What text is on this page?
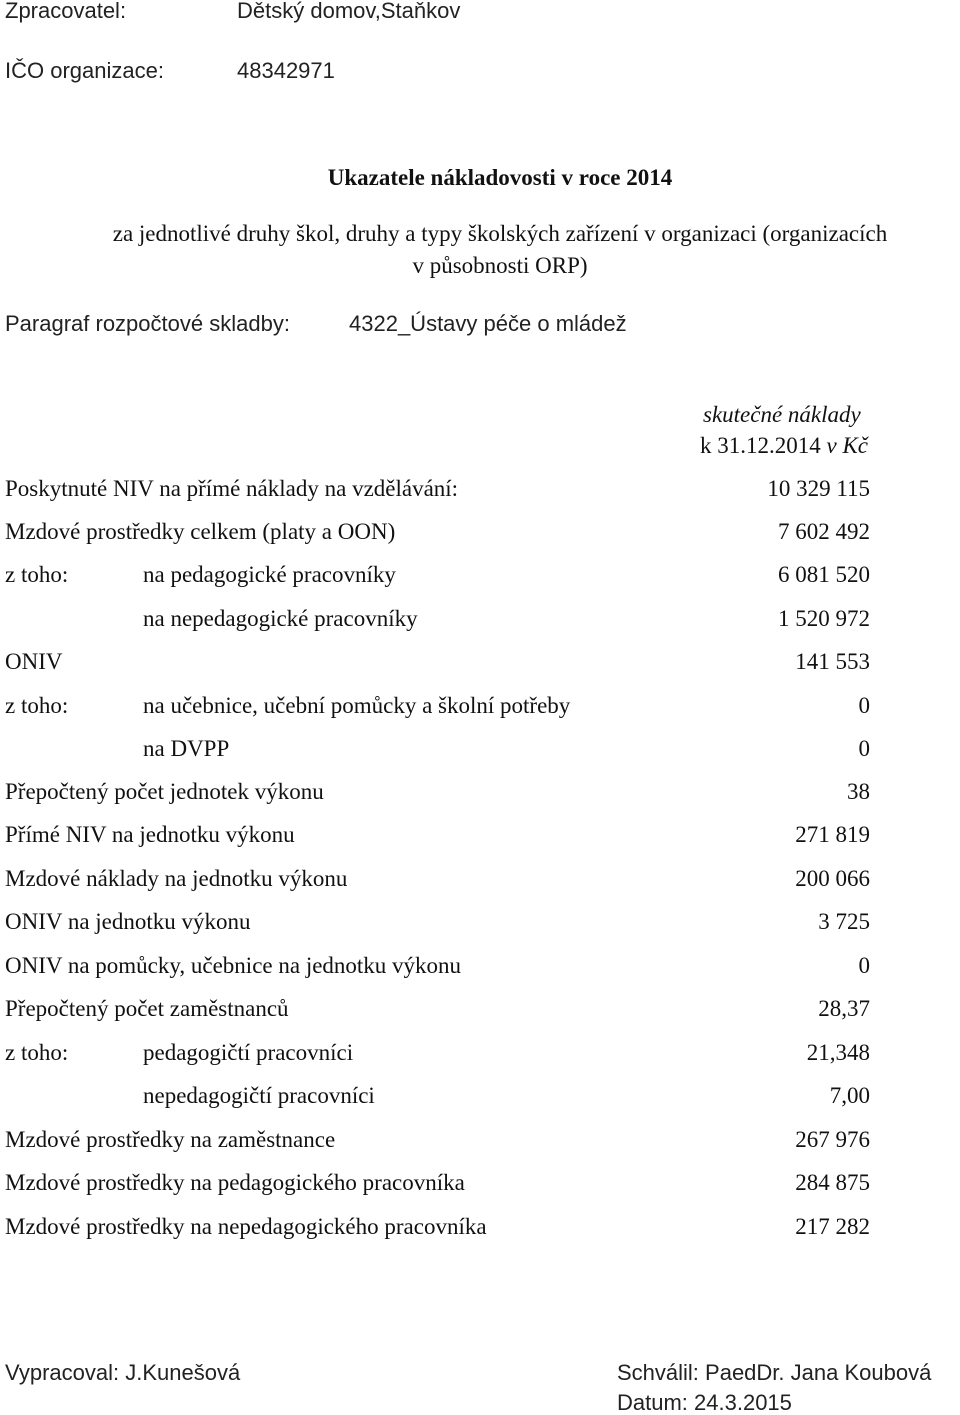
Zpracovatel:	Dětský domov,Staňkov
IČO organizace:	48342971
Ukazatele nákladovosti v roce 2014
za jednotlivé druhy škol, druhy a typy školských zařízení v organizaci (organizacích
v působnosti ORP)
Paragraf rozpočtové skladby:	4322_Ústavy péče o mládež
skutečné náklady
k 31.12.2014 v Kč
Poskytnuté NIV na přímé náklady na vzdělávání:	10 329 115
Mzdové prostředky celkem (platy a OON)	7 602 492
z toho:	na pedagogické pracovníky	6 081 520
na nepedagogické pracovníky	1 520 972
ONIV	141 553
z toho:	na učebnice, učební pomůcky a školní potřeby	0
na DVPP	0
Přepočtený počet jednotek výkonu	38
Přímé NIV na jednotku výkonu	271 819
Mzdové náklady na jednotku výkonu	200 066
ONIV na jednotku výkonu	3 725
ONIV na pomůcky, učebnice na jednotku výkonu	0
Přepočtený počet zaměstnanců	28,37
z toho:	pedagogičtí pracovníci	21,348
nepedagogičtí pracovníci	7,00
Mzdové prostředky na zaměstnance	267 976
Mzdové prostředky na pedagogického pracovníka	284 875
Mzdové prostředky na nepedagogického pracovníka	217 282
Vypracoval: J.Kunešová	Schválil: PaedDr. Jana Koubová
Datum: 24.3.2015
